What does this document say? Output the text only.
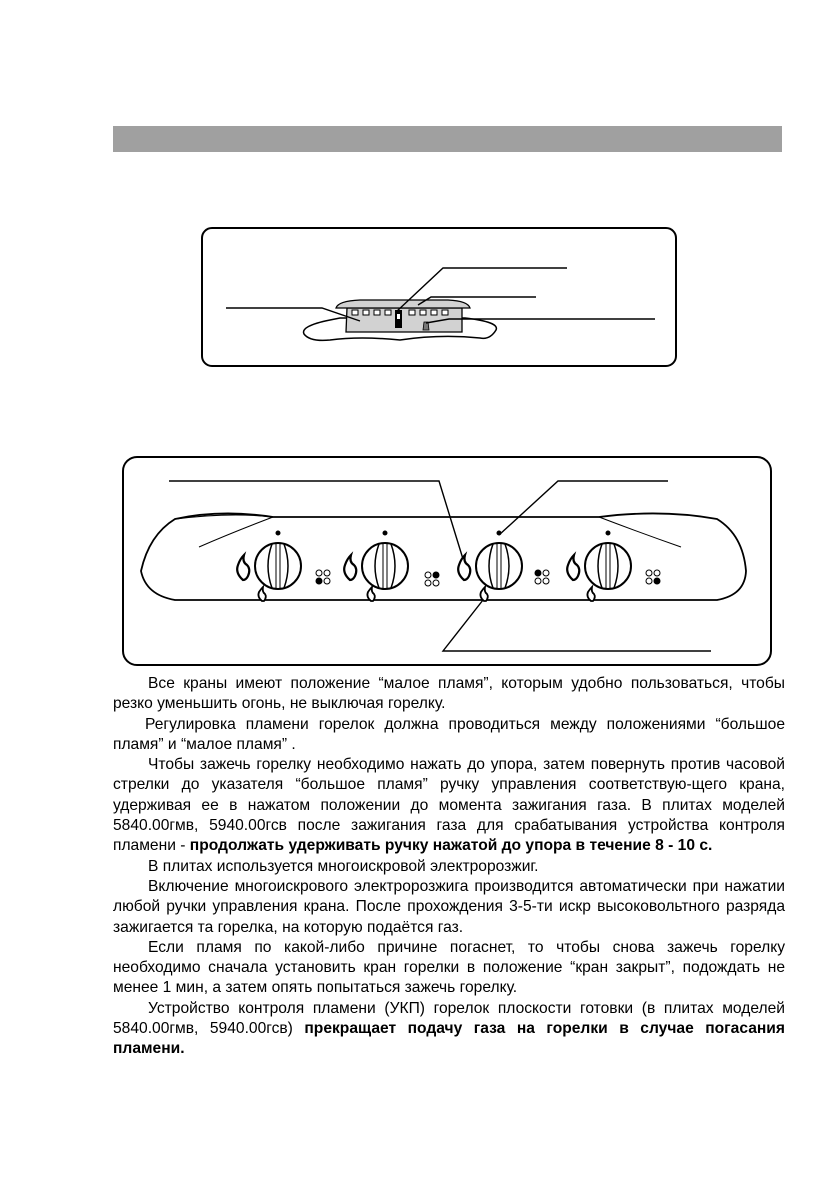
Все краны имеют положение “малое пламя”, которым удобно пользоваться, чтобы резко уменьшить огонь, не выключая горелку.

Регулировка пламени горелок должна проводиться между положениями “большое пламя” и “малое пламя” .

Чтобы зажечь горелку необходимо нажать до упора, затем повернуть против часовой стрелки до указателя “большое пламя” ручку управления соответствую-щего крана, удерживая ее в нажатом положении до момента зажигания газа. В плитах моделей 5840.00гмв, 5940.00гсв после зажигания газа для срабатывания устройства контроля пламени - продолжать удерживать ручку нажатой до упора в течение 8 - 10 с.

В плитах используется многоискровой электророзжиг.

Включение многоискрового электророзжига производится автоматически при нажатии любой ручки управления крана. После прохождения 3-5-ти искр высоковольтного разряда зажигается та горелка, на которую подаётся газ.

Если пламя по какой-либо причине погаснет, то чтобы снова зажечь горелку необходимо сначала установить кран горелки в положение “кран закрыт”, подождать не менее 1 мин, а затем опять попытаться зажечь горелку.

Устройство контроля пламени (УКП) горелок плоскости готовки (в плитах моделей 5840.00гмв, 5940.00гсв) прекращает подачу газа на горелки в случае погасания пламени.
